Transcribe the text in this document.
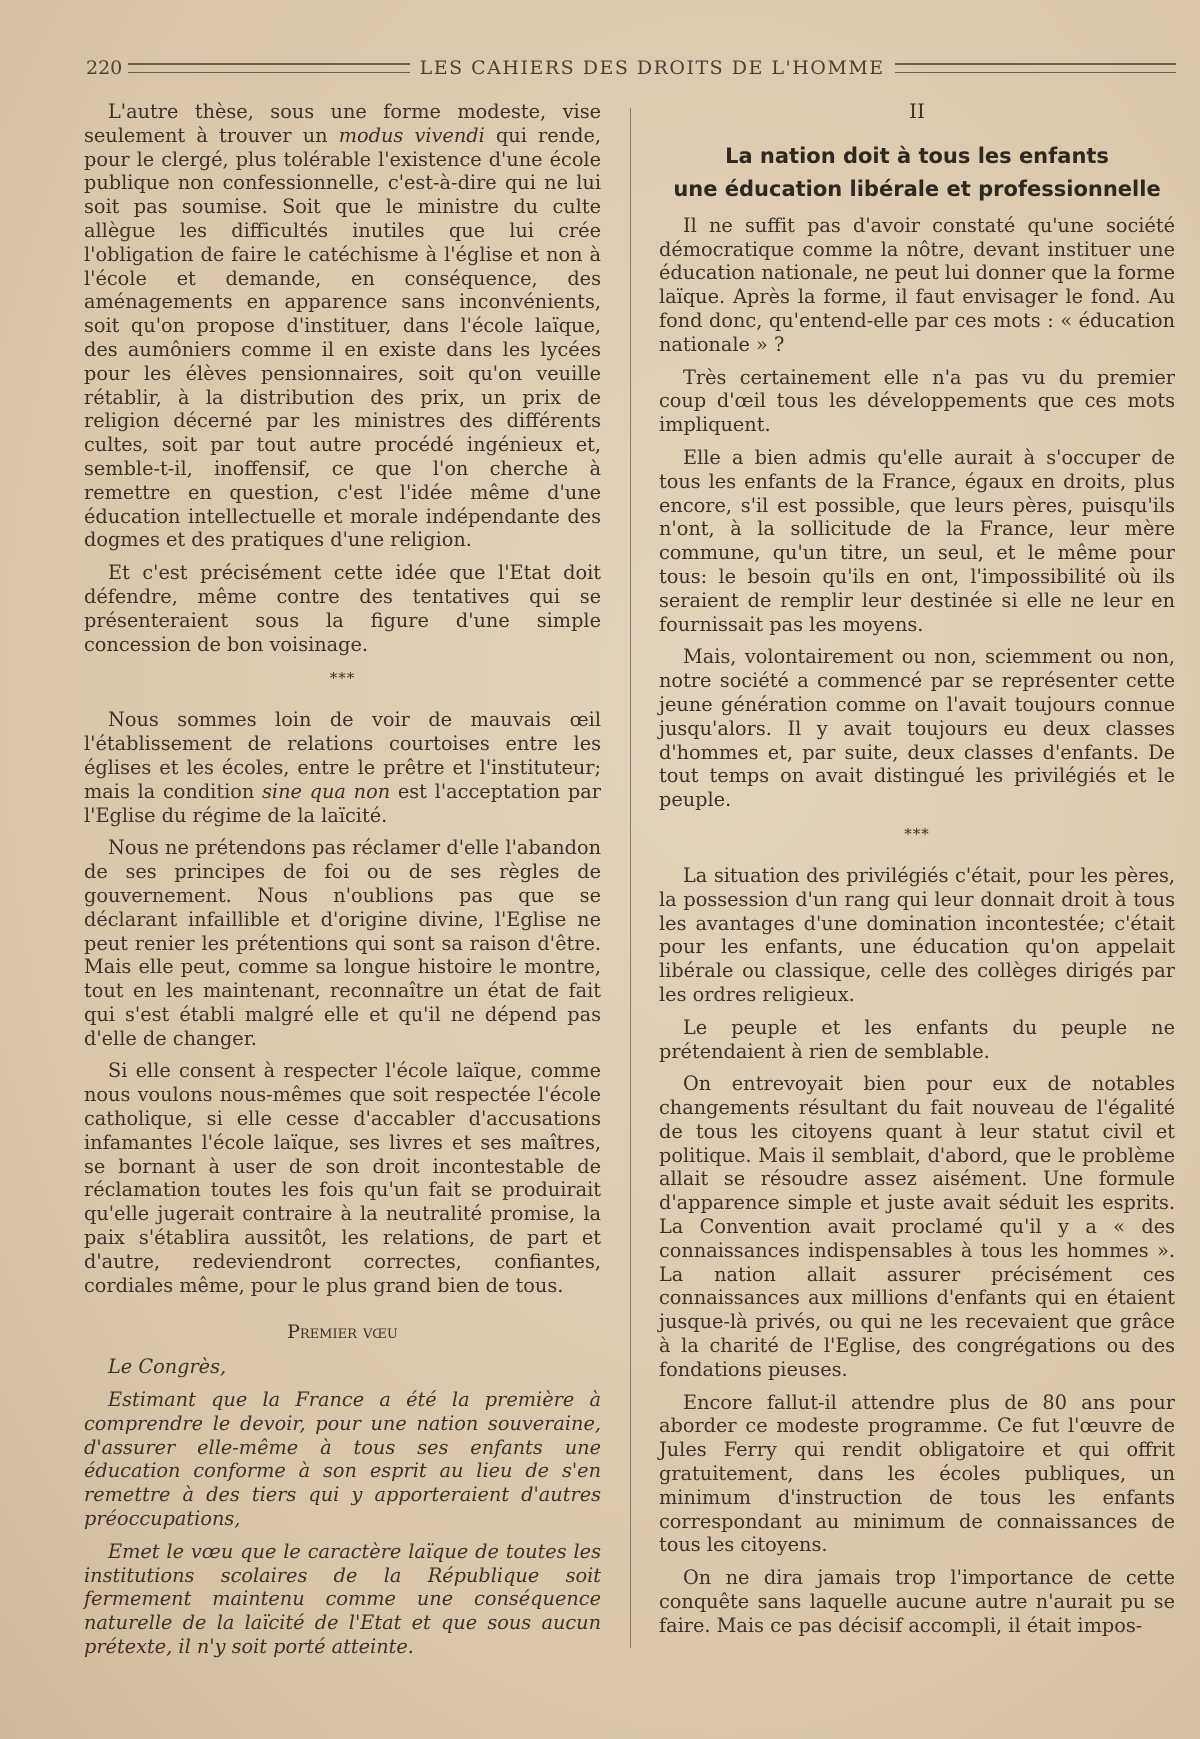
220	LES CAHIERS DES DROITS DE L'HOMME

L'autre thèse, sous une forme modeste, vise seulement à trouver un modus vivendi qui rende, pour le clergé, plus tolérable l'existence d'une école publique non confessionnelle, c'est-à-dire qui ne lui soit pas soumise. Soit que le ministre du culte allègue les difficultés inutiles que lui crée l'obligation de faire le catéchisme à l'église et non à l'école et demande, en conséquence, des aménagements en apparence sans inconvénients, soit qu'on propose d'instituer, dans l'école laïque, des aumôniers comme il en existe dans les lycées pour les élèves pensionnaires, soit qu'on veuille rétablir, à la distribution des prix, un prix de religion décerné par les ministres des différents cultes, soit par tout autre procédé ingénieux et, semble-t-il, inoffensif, ce que l'on cherche à remettre en question, c'est l'idée même d'une éducation intellectuelle et morale indépendante des dogmes et des pratiques d'une religion.

Et c'est précisément cette idée que l'Etat doit défendre, même contre des tentatives qui se présenteraient sous la figure d'une simple concession de bon voisinage.

***

Nous sommes loin de voir de mauvais œil l'établissement de relations courtoises entre les églises et les écoles, entre le prêtre et l'instituteur; mais la condition sine qua non est l'acceptation par l'Eglise du régime de la laïcité.

Nous ne prétendons pas réclamer d'elle l'abandon de ses principes de foi ou de ses règles de gouvernement. Nous n'oublions pas que se déclarant infaillible et d'origine divine, l'Eglise ne peut renier les prétentions qui sont sa raison d'être. Mais elle peut, comme sa longue histoire le montre, tout en les maintenant, reconnaître un état de fait qui s'est établi malgré elle et qu'il ne dépend pas d'elle de changer.

Si elle consent à respecter l'école laïque, comme nous voulons nous-mêmes que soit respectée l'école catholique, si elle cesse d'accabler d'accusations infamantes l'école laïque, ses livres et ses maîtres, se bornant à user de son droit incontestable de réclamation toutes les fois qu'un fait se produirait qu'elle jugerait contraire à la neutralité promise, la paix s'établira aussitôt, les relations, de part et d'autre, redeviendront correctes, confiantes, cordiales même, pour le plus grand bien de tous.

Premier vœu

Le Congrès,

Estimant que la France a été la première à comprendre le devoir, pour une nation souveraine, d'assurer elle-même à tous ses enfants une éducation conforme à son esprit au lieu de s'en remettre à des tiers qui y apporteraient d'autres préoccupations,

Emet le vœu que le caractère laïque de toutes les institutions scolaires de la République soit fermement maintenu comme une conséquence naturelle de la laïcité de l'Etat et que sous aucun prétexte, il n'y soit porté atteinte.

II
La nation doit à tous les enfants
une éducation libérale et professionnelle

Il ne suffit pas d'avoir constaté qu'une société démocratique comme la nôtre, devant instituer une éducation nationale, ne peut lui donner que la forme laïque. Après la forme, il faut envisager le fond. Au fond donc, qu'entend-elle par ces mots : « éducation nationale » ?

Très certainement elle n'a pas vu du premier coup d'œil tous les développements que ces mots impliquent.

Elle a bien admis qu'elle aurait à s'occuper de tous les enfants de la France, égaux en droits, plus encore, s'il est possible, que leurs pères, puisqu'ils n'ont, à la sollicitude de la France, leur mère commune, qu'un titre, un seul, et le même pour tous: le besoin qu'ils en ont, l'impossibilité où ils seraient de remplir leur destinée si elle ne leur en fournissait pas les moyens.

Mais, volontairement ou non, sciemment ou non, notre société a commencé par se représenter cette jeune génération comme on l'avait toujours connue jusqu'alors. Il y avait toujours eu deux classes d'hommes et, par suite, deux classes d'enfants. De tout temps on avait distingué les privilégiés et le peuple.

***

La situation des privilégiés c'était, pour les pères, la possession d'un rang qui leur donnait droit à tous les avantages d'une domination incontestée; c'était pour les enfants, une éducation qu'on appelait libérale ou classique, celle des collèges dirigés par les ordres religieux.

Le peuple et les enfants du peuple ne prétendaient à rien de semblable.

On entrevoyait bien pour eux de notables changements résultant du fait nouveau de l'égalité de tous les citoyens quant à leur statut civil et politique. Mais il semblait, d'abord, que le problème allait se résoudre assez aisément. Une formule d'apparence simple et juste avait séduit les esprits. La Convention avait proclamé qu'il y a « des connaissances indispensables à tous les hommes ». La nation allait assurer précisément ces connaissances aux millions d'enfants qui en étaient jusque-là privés, ou qui ne les recevaient que grâce à la charité de l'Eglise, des congrégations ou des fondations pieuses.

Encore fallut-il attendre plus de 80 ans pour aborder ce modeste programme. Ce fut l'œuvre de Jules Ferry qui rendit obligatoire et qui offrit gratuitement, dans les écoles publiques, un minimum d'instruction de tous les enfants correspondant au minimum de connaissances de tous les citoyens.

On ne dira jamais trop l'importance de cette conquête sans laquelle aucune autre n'aurait pu se faire. Mais ce pas décisif accompli, il était impos-
